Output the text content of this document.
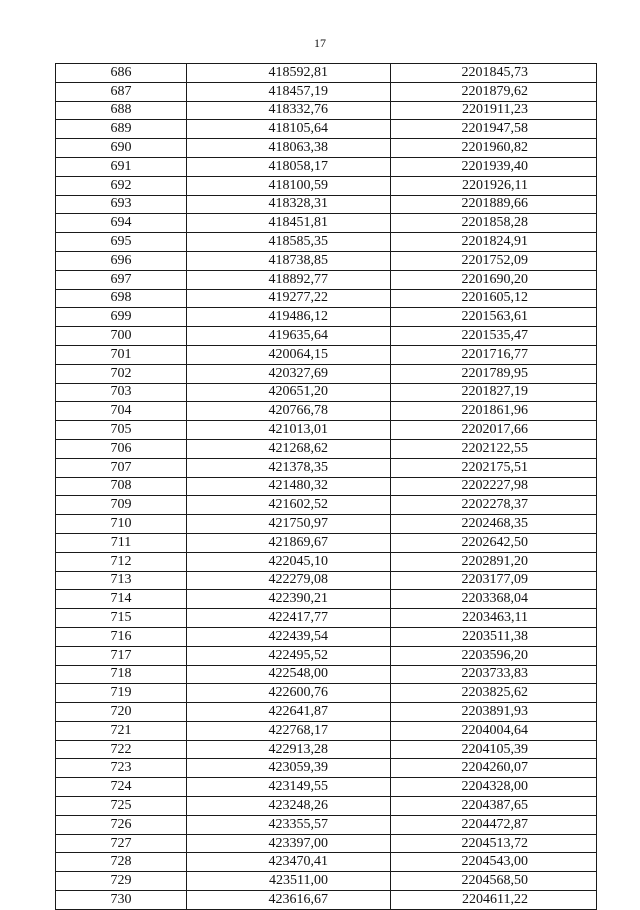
17
686	418592,81	2201845,73
687	418457,19	2201879,62
688	418332,76	2201911,23
689	418105,64	2201947,58
690	418063,38	2201960,82
691	418058,17	2201939,40
692	418100,59	2201926,11
693	418328,31	2201889,66
694	418451,81	2201858,28
695	418585,35	2201824,91
696	418738,85	2201752,09
697	418892,77	2201690,20
698	419277,22	2201605,12
699	419486,12	2201563,61
700	419635,64	2201535,47
701	420064,15	2201716,77
702	420327,69	2201789,95
703	420651,20	2201827,19
704	420766,78	2201861,96
705	421013,01	2202017,66
706	421268,62	2202122,55
707	421378,35	2202175,51
708	421480,32	2202227,98
709	421602,52	2202278,37
710	421750,97	2202468,35
711	421869,67	2202642,50
712	422045,10	2202891,20
713	422279,08	2203177,09
714	422390,21	2203368,04
715	422417,77	2203463,11
716	422439,54	2203511,38
717	422495,52	2203596,20
718	422548,00	2203733,83
719	422600,76	2203825,62
720	422641,87	2203891,93
721	422768,17	2204004,64
722	422913,28	2204105,39
723	423059,39	2204260,07
724	423149,55	2204328,00
725	423248,26	2204387,65
726	423355,57	2204472,87
727	423397,00	2204513,72
728	423470,41	2204543,00
729	423511,00	2204568,50
730	423616,67	2204611,22
